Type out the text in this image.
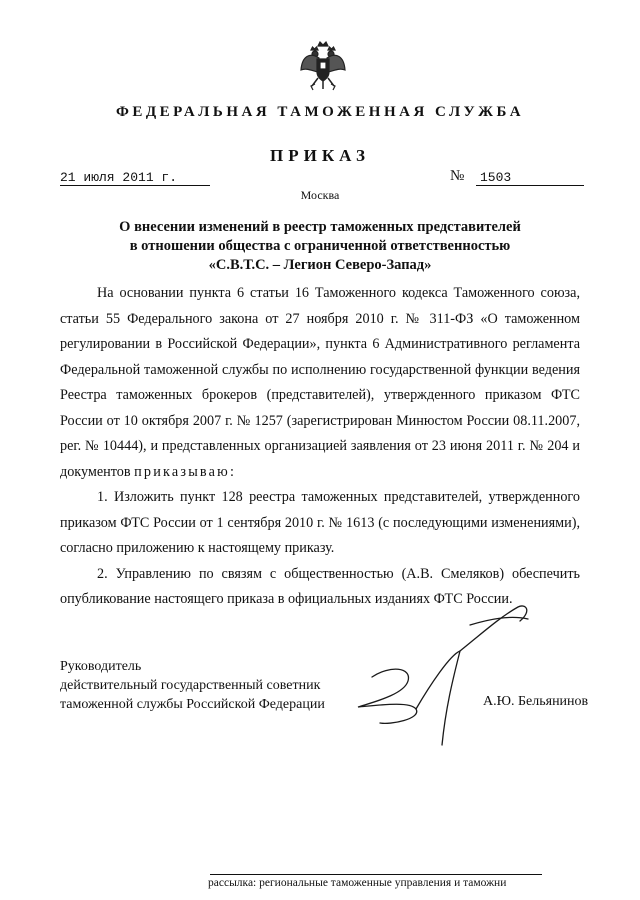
ФЕДЕРАЛЬНАЯ ТАМОЖЕННАЯ СЛУЖБА
ПРИКАЗ
21 июля 2011 г.	№	1503
Москва
О внесении изменений в реестр таможенных представителей
в отношении общества с ограниченной ответственностью
«С.В.Т.С. – Легион Северо-Запад»

На основании пункта 6 статьи 16 Таможенного кодекса Таможенного союза, статьи 55 Федерального закона от 27 ноября 2010 г. № 311-ФЗ «О таможенном регулировании в Российской Федерации», пункта 6 Административного регламента Федеральной таможенной службы по исполнению государственной функции ведения Реестра таможенных брокеров (представителей), утвержденного приказом ФТС России от 10 октября 2007 г. № 1257 (зарегистрирован Минюстом России 08.11.2007, рег. № 10444), и представленных организацией заявления от 23 июня 2011 г. № 204 и документов приказываю:

1. Изложить пункт 128 реестра таможенных представителей, утвержденного приказом ФТС России от 1 сентября 2010 г. № 1613 (с последующими изменениями), согласно приложению к настоящему приказу.

2. Управлению по связям с общественностью (А.В. Смеляков) обеспечить опубликование настоящего приказа в официальных изданиях ФТС России.

Руководитель
действительный государственный советник
таможенной службы Российской Федерации	А.Ю. Бельянинов
рассылка: региональные таможенные управления и таможни
